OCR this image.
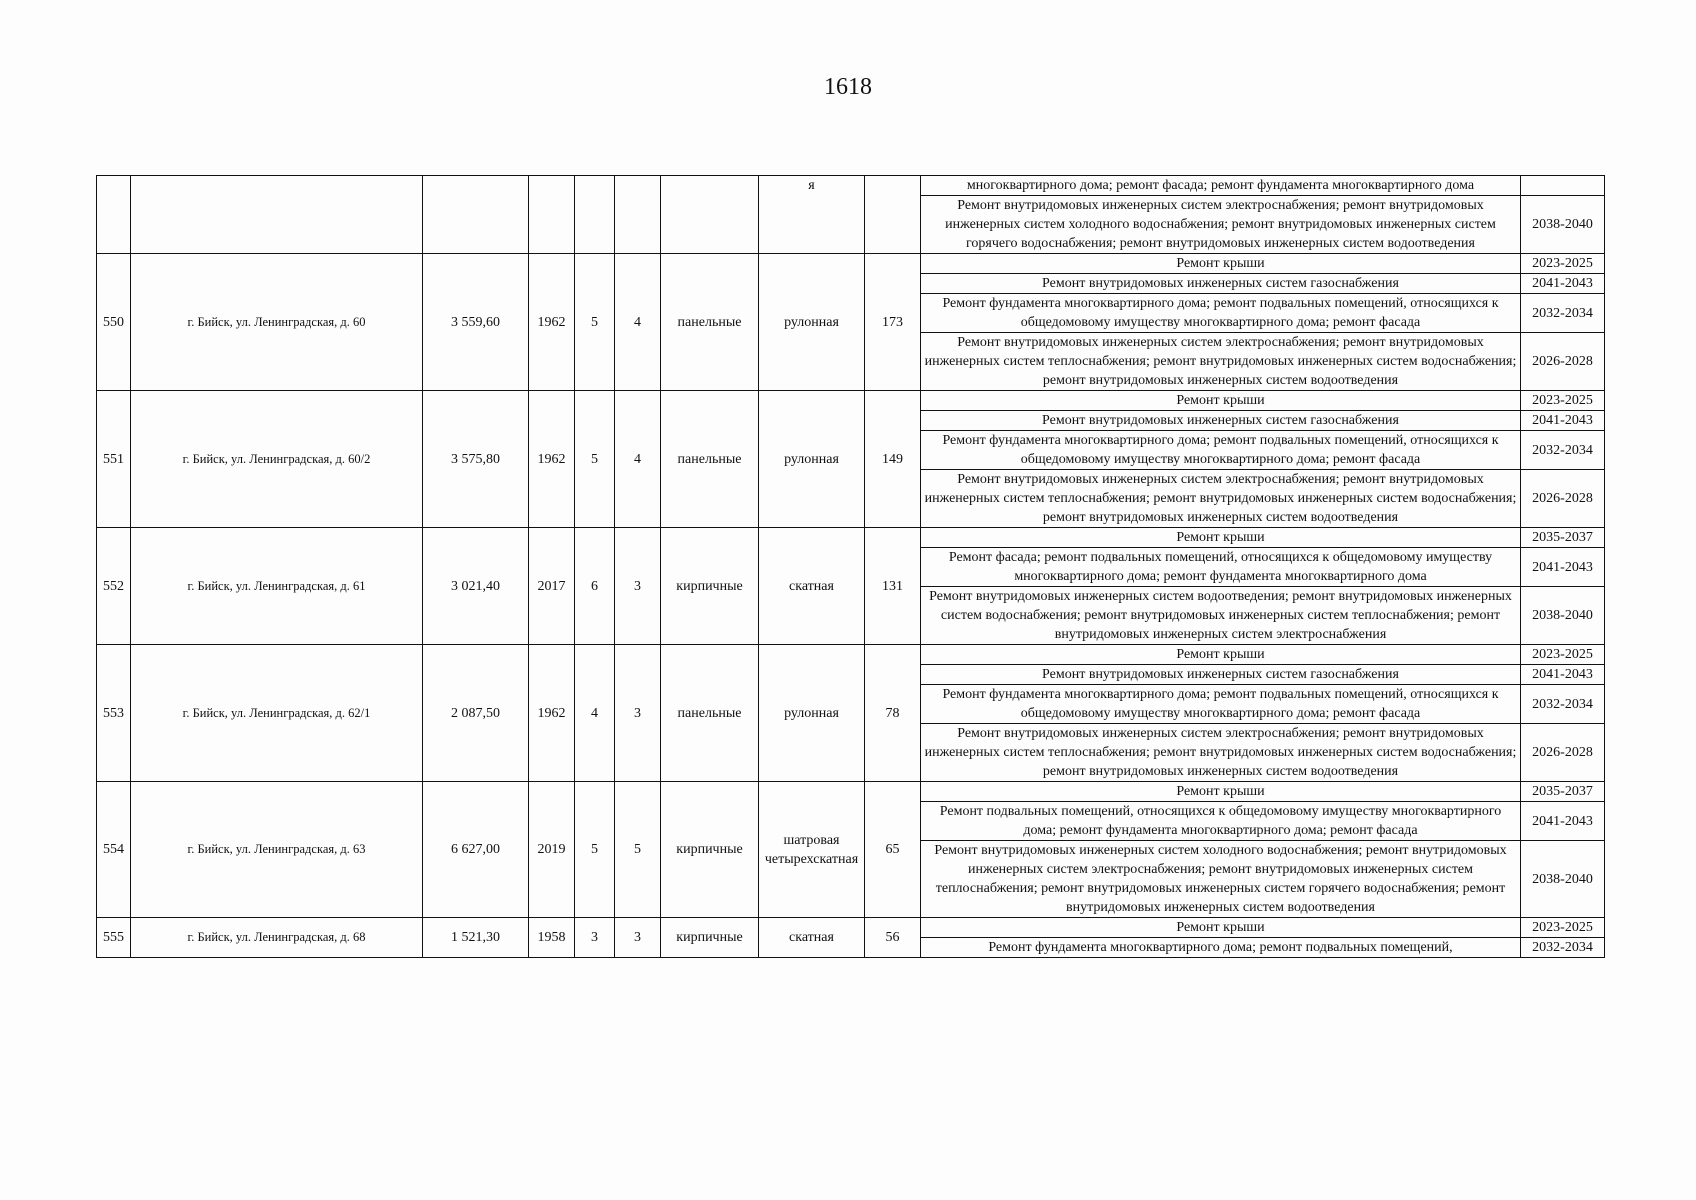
1618
							я		многоквартирного дома; ремонт фасада; ремонт фундамента многоквартирного дома	
									Ремонт внутридомовых инженерных систем электроснабжения; ремонт внутридомовых инженерных систем холодного водоснабжения; ремонт внутридомовых инженерных систем горячего водоснабжения; ремонт внутридомовых инженерных систем водоотведения	2038-2040
550	г. Бийск, ул. Ленинградская, д. 60	3 559,60	1962	5	4	панельные	рулонная	173	Ремонт крыши	2023-2025
									Ремонт внутридомовых инженерных систем газоснабжения	2041-2043
									Ремонт фундамента многоквартирного дома; ремонт подвальных помещений, относящихся к общедомовому имуществу многоквартирного дома; ремонт фасада	2032-2034
									Ремонт внутридомовых инженерных систем электроснабжения; ремонт внутридомовых инженерных систем теплоснабжения; ремонт внутридомовых инженерных систем водоснабжения; ремонт внутридомовых инженерных систем водоотведения	2026-2028
551	г. Бийск, ул. Ленинградская, д. 60/2	3 575,80	1962	5	4	панельные	рулонная	149	Ремонт крыши	2023-2025
									Ремонт внутридомовых инженерных систем газоснабжения	2041-2043
									Ремонт фундамента многоквартирного дома; ремонт подвальных помещений, относящихся к общедомовому имуществу многоквартирного дома; ремонт фасада	2032-2034
									Ремонт внутридомовых инженерных систем электроснабжения; ремонт внутридомовых инженерных систем теплоснабжения; ремонт внутридомовых инженерных систем водоснабжения; ремонт внутридомовых инженерных систем водоотведения	2026-2028
552	г. Бийск, ул. Ленинградская, д. 61	3 021,40	2017	6	3	кирпичные	скатная	131	Ремонт крыши	2035-2037
									Ремонт фасада; ремонт подвальных помещений, относящихся к общедомовому имуществу многоквартирного дома; ремонт фундамента многоквартирного дома	2041-2043
									Ремонт внутридомовых инженерных систем водоотведения; ремонт внутридомовых инженерных систем водоснабжения; ремонт внутридомовых инженерных систем теплоснабжения; ремонт внутридомовых инженерных систем электроснабжения	2038-2040
553	г. Бийск, ул. Ленинградская, д. 62/1	2 087,50	1962	4	3	панельные	рулонная	78	Ремонт крыши	2023-2025
									Ремонт внутридомовых инженерных систем газоснабжения	2041-2043
									Ремонт фундамента многоквартирного дома; ремонт подвальных помещений, относящихся к общедомовому имуществу многоквартирного дома; ремонт фасада	2032-2034
									Ремонт внутридомовых инженерных систем электроснабжения; ремонт внутридомовых инженерных систем теплоснабжения; ремонт внутридомовых инженерных систем водоснабжения; ремонт внутридомовых инженерных систем водоотведения	2026-2028
554	г. Бийск, ул. Ленинградская, д. 63	6 627,00	2019	5	5	кирпичные	шатровая четырехскатная	65	Ремонт крыши	2035-2037
									Ремонт подвальных помещений, относящихся к общедомовому имуществу многоквартирного дома; ремонт фундамента многоквартирного дома; ремонт фасада	2041-2043
									Ремонт внутридомовых инженерных систем холодного водоснабжения; ремонт внутридомовых инженерных систем электроснабжения; ремонт внутридомовых инженерных систем теплоснабжения; ремонт внутридомовых инженерных систем горячего водоснабжения; ремонт внутридомовых инженерных систем водоотведения	2038-2040
555	г. Бийск, ул. Ленинградская, д. 68	1 521,30	1958	3	3	кирпичные	скатная	56	Ремонт крыши	2023-2025
									Ремонт фундамента многоквартирного дома; ремонт подвальных помещений,	2032-2034
